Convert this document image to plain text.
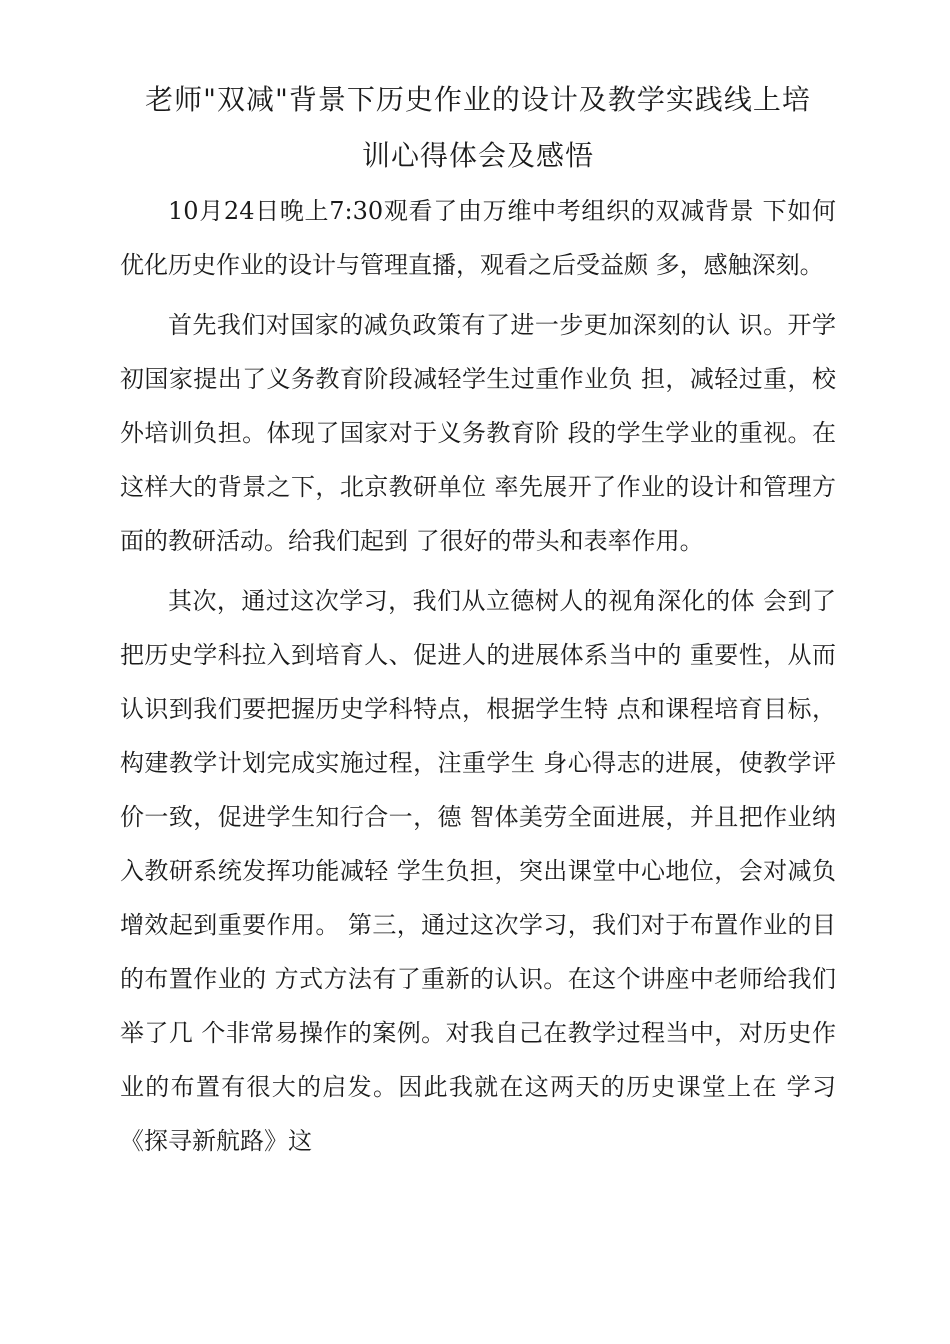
老师"双减"背景下历史作业的设计及教学实践线上培
训心得体会及感悟

10月24日晚上7:30观看了由万维中考组织的双减背景 下如何优化历史作业的设计与管理直播，观看之后受益颇 多，感触深刻。

首先我们对国家的减负政策有了进一步更加深刻的认 识。开学初国家提出了义务教育阶段减轻学生过重作业负 担，减轻过重，校外培训负担。体现了国家对于义务教育阶 段的学生学业的重视。在这样大的背景之下，北京教研单位 率先展开了作业的设计和管理方面的教研活动。给我们起到 了很好的带头和表率作用。

其次，通过这次学习，我们从立德树人的视角深化的体 会到了把历史学科拉入到培育人、促进人的进展体系当中的 重要性，从而认识到我们要把握历史学科特点，根据学生特 点和课程培育目标，构建教学计划完成实施过程，注重学生 身心得志的进展，使教学评价一致，促进学生知行合一，德 智体美劳全面进展，并且把作业纳入教研系统发挥功能减轻 学生负担，突出课堂中心地位，会对减负增效起到重要作用。 第三，通过这次学习，我们对于布置作业的目的布置作业的 方式方法有了重新的认识。在这个讲座中老师给我们举了几 个非常易操作的案例。对我自己在教学过程当中，对历史作 业的布置有很大的启发。因此我就在这两天的历史课堂上在 学习《探寻新航路》这
